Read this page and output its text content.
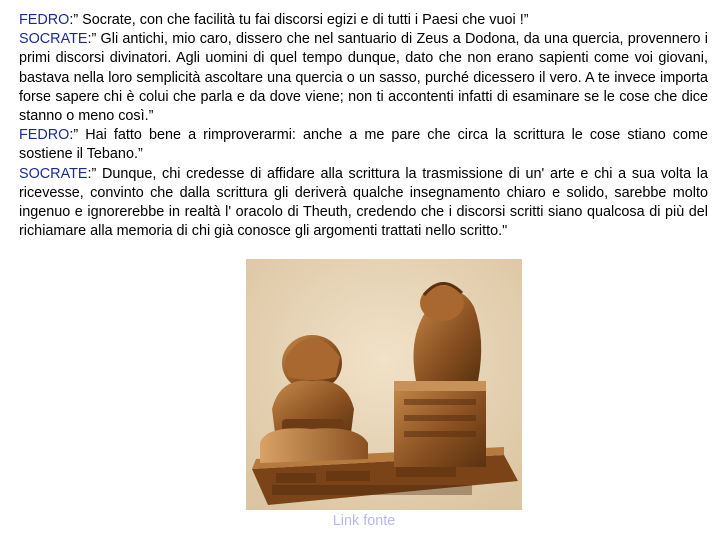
FEDRO:” Socrate, con che facilità tu fai discorsi egizi e di tutti i Paesi che vuoi !”

SOCRATE:” Gli antichi, mio caro, dissero che nel santuario di Zeus a Dodona, da una quercia, provennero i primi discorsi divinatori. Agli uomini di quel tempo dunque, dato che non erano sapienti come voi giovani, bastava nella loro semplicità ascoltare una quercia o un sasso, purché dicessero il vero. A te invece importa forse sapere chi è colui che parla e da dove viene; non ti accontenti infatti di esaminare se le cose che dice stanno o meno così.”

FEDRO:” Hai fatto bene a rimproverarmi: anche a me pare che circa la scrittura le cose stiano come sostiene il Tebano.”

SOCRATE:” Dunque, chi credesse di affidare alla scrittura la trasmissione di un' arte e chi a sua volta la ricevesse, convinto che dalla scrittura gli deriverà qualche insegnamento chiaro e solido, sarebbe molto ingenuo e ignorerebbe in realtà l' oracolo di Theuth, credendo che i discorsi scritti siano qualcosa di più del richiamare alla memoria di chi già conosce gli argomenti trattati nello scritto."

Link fonte
